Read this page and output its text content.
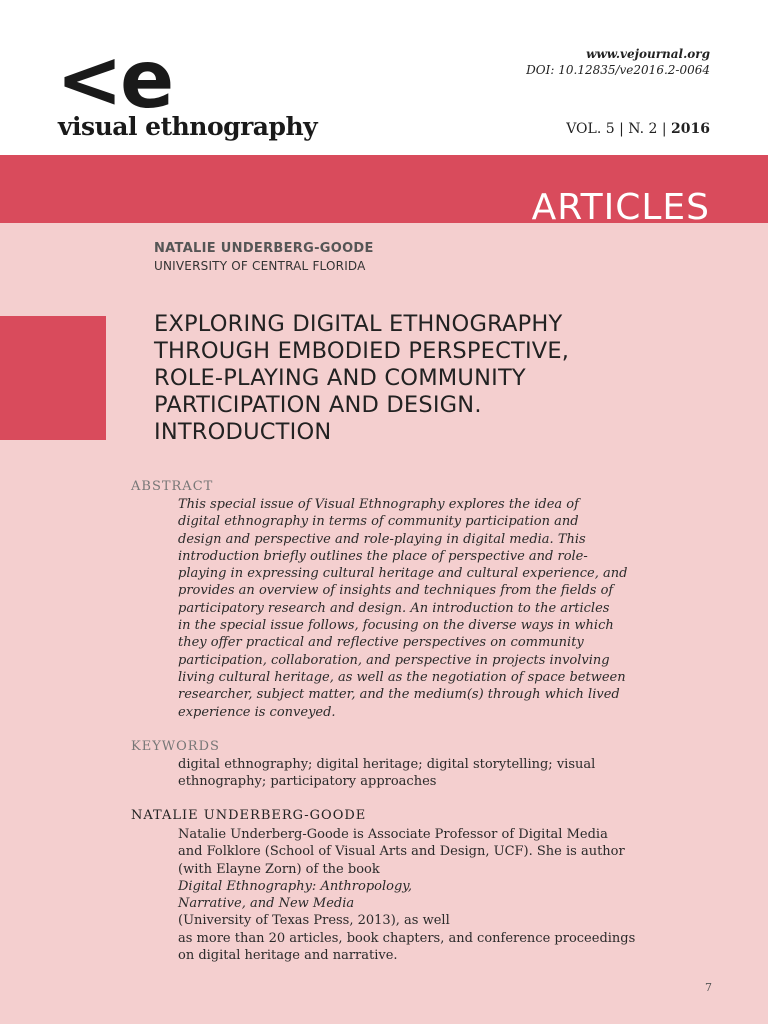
<e
visual ethnography
www.vejournal.org
DOI: 10.12835/ve2016.2-0064
VOL. 5 | N. 2 | 2016
ARTICLES
NATALIE UNDERBERG-GOODE
UNIVERSITY OF CENTRAL FLORIDA
EXPLORING DIGITAL ETHNOGRAPHY
THROUGH EMBODIED PERSPECTIVE,
ROLE-PLAYING AND COMMUNITY
PARTICIPATION AND DESIGN.
INTRODUCTION
ABSTRACT

This special issue of Visual Ethnography explores the idea of
digital ethnography in terms of community participation and
design and perspective and role-playing in digital media. This
introduction briefly outlines the place of perspective and role-
playing in expressing cultural heritage and cultural experience, and
provides an overview of insights and techniques from the fields of
participatory research and design. An introduction to the articles
in the special issue follows, focusing on the diverse ways in which
they offer practical and reflective perspectives on community
participation, collaboration, and perspective in projects involving
living cultural heritage, as well as the negotiation of space between
researcher, subject matter, and the medium(s) through which lived
experience is conveyed.

KEYWORDS

digital ethnography; digital heritage; digital storytelling; visual
ethnography; participatory approaches

NATALIE UNDERBERG-GOODE

Natalie Underberg-Goode is Associate Professor of Digital Media
and Folklore (School of Visual Arts and Design, UCF). She is author
(with Elayne Zorn) of the book
Digital Ethnography: Anthropology,
Narrative, and New Media
(University of Texas Press, 2013), as well
as more than 20 articles, book chapters, and conference proceedings
on digital heritage and narrative.

7
